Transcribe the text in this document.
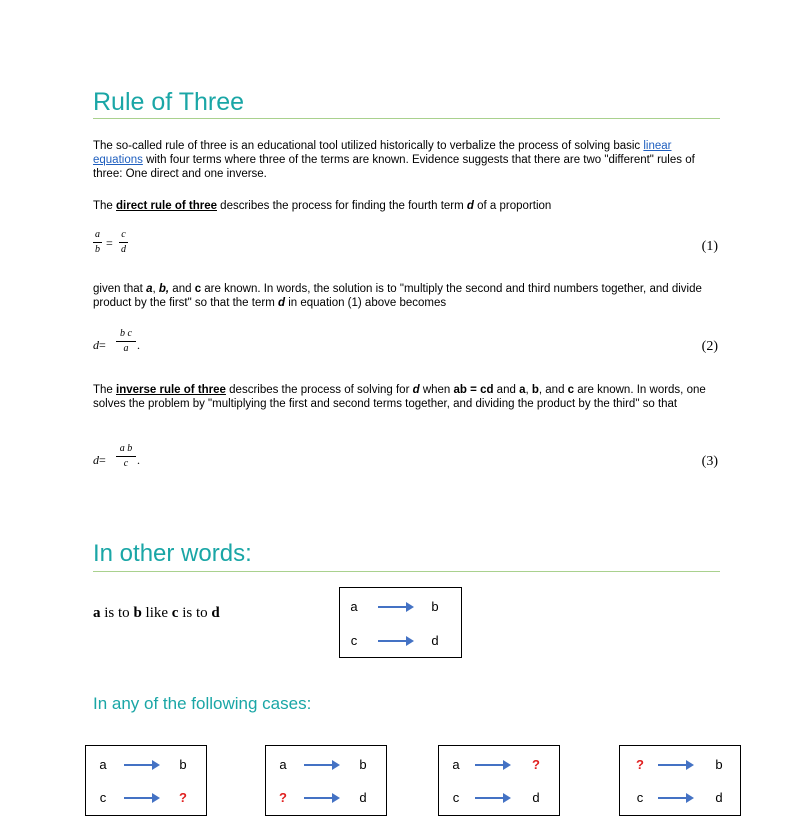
Rule of Three

The so-called rule of three is an educational tool utilized historically to verbalize the process of solving basic linear equations with four terms where three of the terms are known. Evidence suggests that there are two "different" rules of three: One direct and one inverse.

The direct rule of three describes the process for finding the fourth term d of a proportion

a
b =
c
d	(1)

given that a, b, and c are known. In words, the solution is to "multiply the second and third numbers together, and divide product by the first" so that the term d in equation (1) above becomes

d=
b c
a .	(2)

The inverse rule of three describes the process of solving for d when ab = cd and a, b, and c are known. In words, one solves the problem by "multiplying the first and second terms together, and dividing the product by the third" so that

d=
a b
c .	(3)
In other words:
a is to b like c is to d	a	b
c	d
In any of the following cases:
a	b
c	?
a	b
?	d
a	?
c	d
?	b
c	d
